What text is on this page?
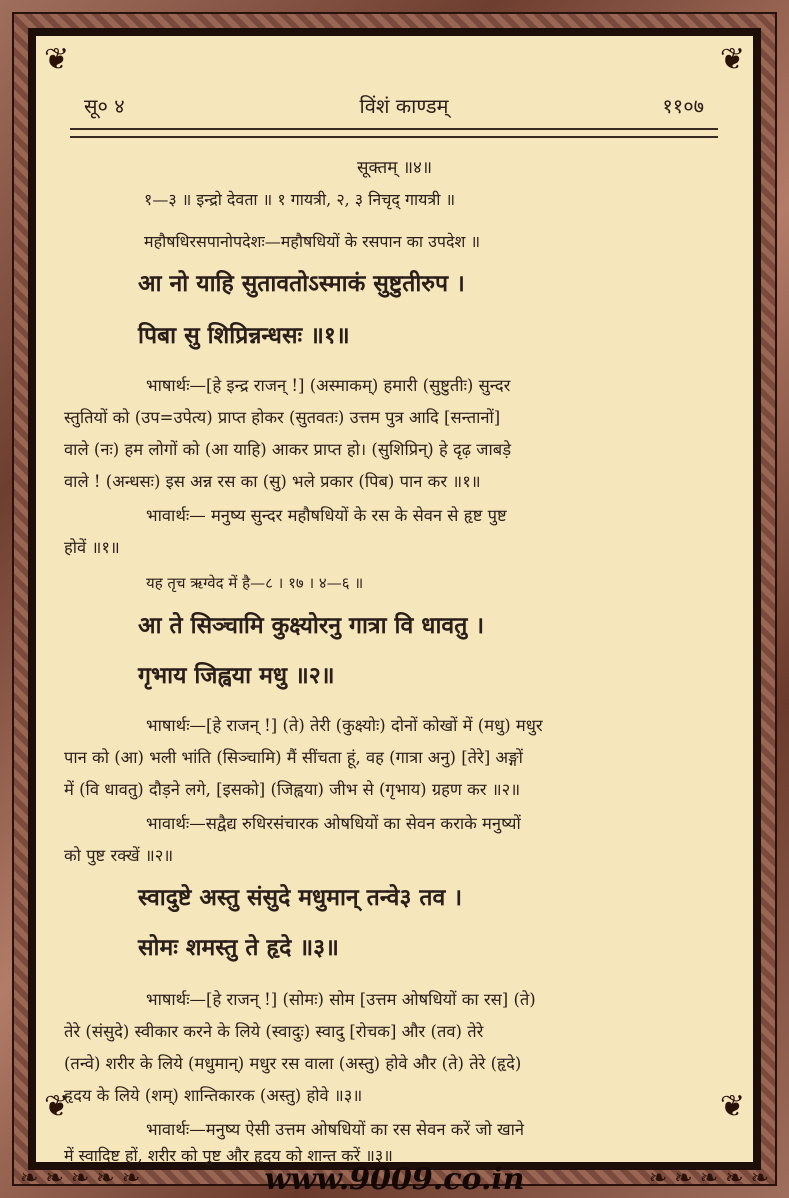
❦	❦
❦	❦
सू० ४	विंशं काण्डम्	११०७
सूक्तम् ॥४॥
१—३ ॥ इन्द्रो देवता ॥ १ गायत्री, २, ३ निचृद् गायत्री ॥
महौषधिरसपानोपदेशः—महौषधियों के रसपान का उपदेश ॥
आ नो याहि सुतावतोऽस्माकं सुष्टुतीरुप ।
पिबा सु शिप्रिन्नन्धसः ॥१॥
भाषार्थः—[हे इन्द्र राजन् !] (अस्माकम्) हमारी (सुष्टुतीः) सुन्दर
स्तुतियों को (उप=उपेत्य) प्राप्त होकर (सुतवतः) उत्तम पुत्र आदि [सन्तानों]
वाले (नः) हम लोगों को (आ याहि) आकर प्राप्त हो। (सुशिप्रिन्) हे दृढ़ जाबड़े
वाले ! (अन्धसः) इस अन्न रस का (सु) भले प्रकार (पिब) पान कर ॥१॥
भावार्थः— मनुष्य सुन्दर महौषधियों के रस के सेवन से हृष्ट पुष्ट
होवें ॥१॥
यह तृच ऋग्वेद में है—८ । १७ । ४—६ ॥
आ ते सिञ्चामि कुक्ष्योरनु गात्रा वि धावतु ।
गृभाय जिह्वया मधु ॥२॥
भाषार्थः—[हे राजन् !] (ते) तेरी (कुक्ष्योः) दोनों कोखों में (मधु) मधुर
पान को (आ) भली भांति (सिञ्चामि) मैं सींचता हूं, वह (गात्रा अनु) [तेरे] अङ्गों
में (वि धावतु) दौड़ने लगे, [इसको] (जिह्वया) जीभ से (गृभाय) ग्रहण कर ॥२॥
भावार्थः—सद्वैद्य रुधिरसंचारक ओषधियों का सेवन कराके मनुष्यों
को पुष्ट रक्खें ॥२॥
स्वादुष्टे अस्तु संसुदे मधुमान् तन्वे३ तव ।
सोमः शमस्तु ते हृदे ॥३॥
भाषार्थः—[हे राजन् !] (सोमः) सोम [उत्तम ओषधियों का रस] (ते)
तेरे (संसुदे) स्वीकार करने के लिये (स्वादुः) स्वादु [रोचक] और (तव) तेरे
(तन्वे) शरीर के लिये (मधुमान्) मधुर रस वाला (अस्तु) होवे और (ते) तेरे (हृदे)
हृदय के लिये (शम्) शान्तिकारक (अस्तु) होवे ॥३॥
भावार्थः—मनुष्य ऐसी उत्तम ओषधियों का रस सेवन करें जो खाने
में स्वादिष्ट हों, शरीर को पुष्ट और हृदय को शान्त करें ॥३॥
❧ ❧ ❧ ❧ ❧	❧ ❧ ❧ ❧ ❧
www.9009.co.in
